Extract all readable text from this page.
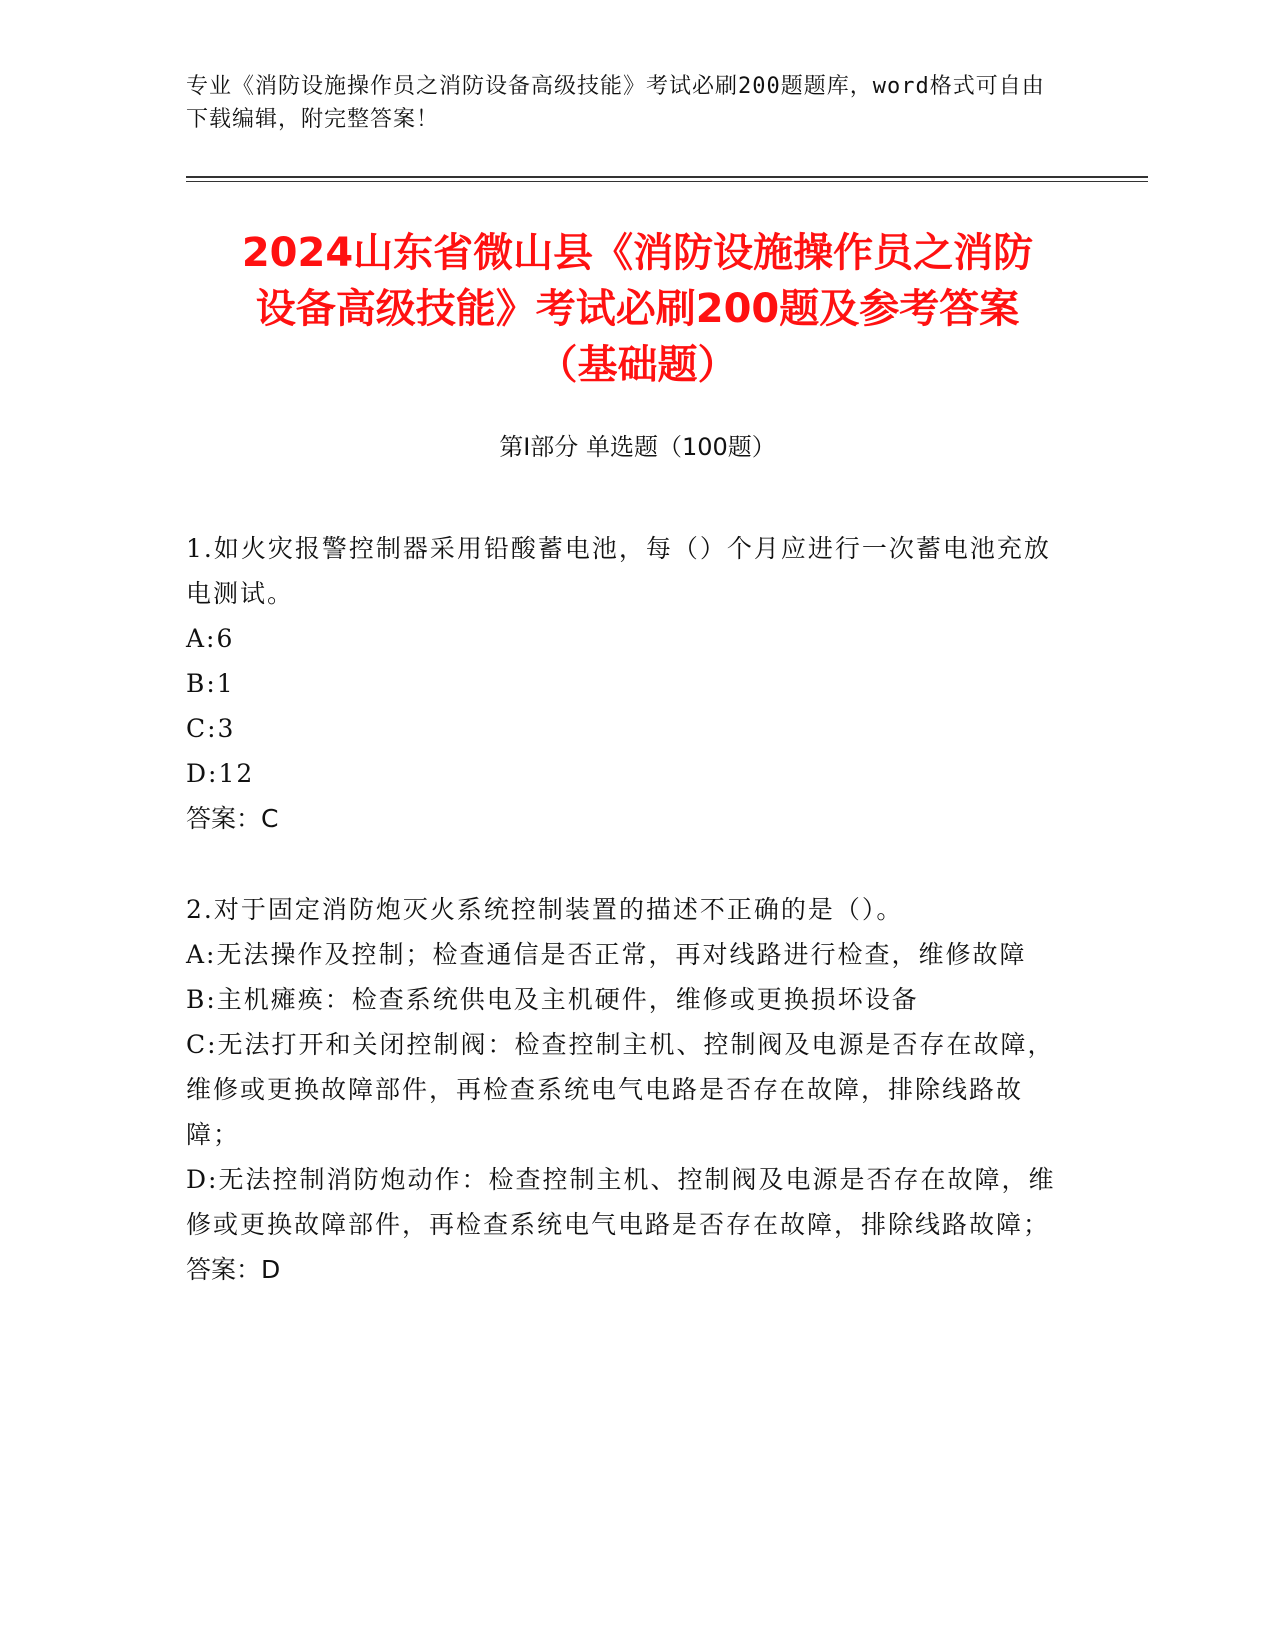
专业《消防设施操作员之消防设备高级技能》考试必刷200题题库，word格式可自由下载编辑，附完整答案！
2024山东省微山县《消防设施操作员之消防
设备高级技能》考试必刷200题及参考答案
（基础题）
第I部分 单选题（100题）

1.如火灾报警控制器采用铅酸蓄电池，每（）个月应进行一次蓄电池充放电测试。

A:6

B:1

C:3

D:12

答案：C

2.对于固定消防炮灭火系统控制装置的描述不正确的是（）。

A:无法操作及控制；检查通信是否正常，再对线路进行检查，维修故障

B:主机瘫痪：检查系统供电及主机硬件，维修或更换损坏设备

C:无法打开和关闭控制阀：检查控制主机、控制阀及电源是否存在故障，维修或更换故障部件，再检查系统电气电路是否存在故障，排除线路故障；

D:无法控制消防炮动作：检查控制主机、控制阀及电源是否存在故障，维修或更换故障部件，再检查系统电气电路是否存在故障，排除线路故障；

答案：D
